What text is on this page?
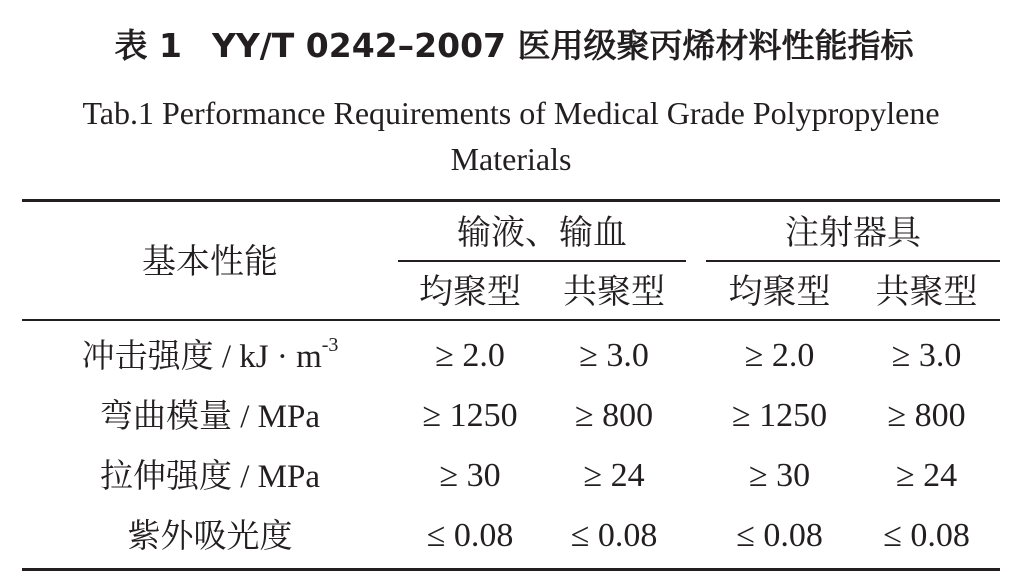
表 1 YY/T 0242–2007 医用级聚丙烯材料性能指标
Tab.1 Performance Requirements of Medical Grade Polypropylene Materials
基本性能
输液、输血	注射器具
均聚型	共聚型	均聚型	共聚型
冲击强度 / kJ · $m^{-3}$	≥ 2.0	≥ 3.0	≥ 2.0	≥ 3.0
弯曲模量 / MPa	≥ 1250	≥ 800	≥ 1250	≥ 800
拉伸强度 / MPa	≥ 30	≥ 24	≥ 30	≥ 24
紫外吸光度	≤ 0.08	≤ 0.08	≤ 0.08	≤ 0.08
